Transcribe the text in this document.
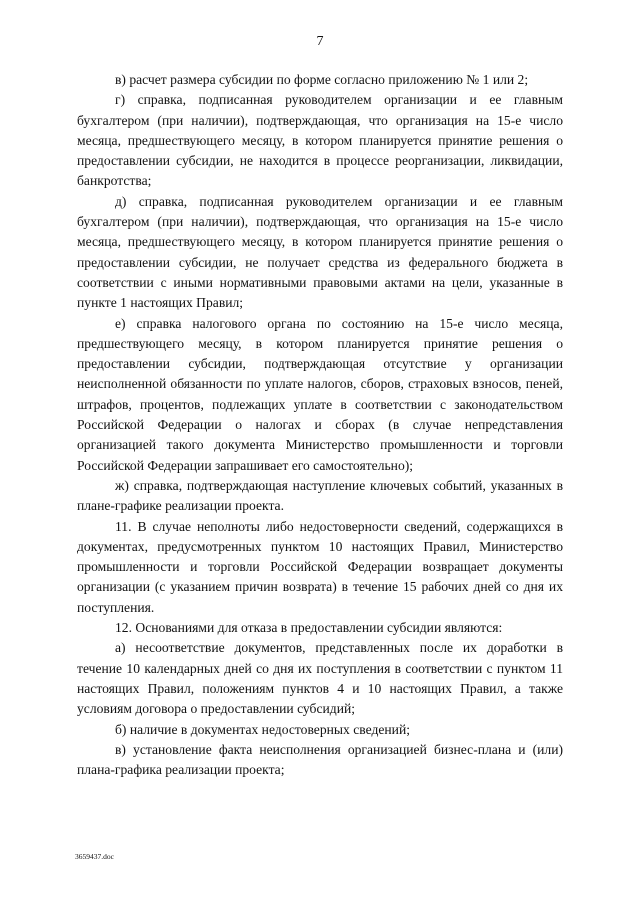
7

в) расчет размера субсидии по форме согласно приложению № 1 или 2;

г) справка, подписанная руководителем организации и ее главным бухгалтером (при наличии), подтверждающая, что организация на 15-е число месяца, предшествующего месяцу, в котором планируется принятие решения о предоставлении субсидии, не находится в процессе реорганизации, ликвидации, банкротства;

д) справка, подписанная руководителем организации и ее главным бухгалтером (при наличии), подтверждающая, что организация на 15-е число месяца, предшествующего месяцу, в котором планируется принятие решения о предоставлении субсидии, не получает средства из федерального бюджета в соответствии с иными нормативными правовыми актами на цели, указанные в пункте 1 настоящих Правил;

е) справка налогового органа по состоянию на 15-е число месяца, предшествующего месяцу, в котором планируется принятие решения о предоставлении субсидии, подтверждающая отсутствие у организации неисполненной обязанности по уплате налогов, сборов, страховых взносов, пеней, штрафов, процентов, подлежащих уплате в соответствии с законодательством Российской Федерации о налогах и сборах (в случае непредставления организацией такого документа Министерство промышленности и торговли Российской Федерации запрашивает его самостоятельно);

ж) справка, подтверждающая наступление ключевых событий, указанных в плане-графике реализации проекта.

11. В случае неполноты либо недостоверности сведений, содержащихся в документах, предусмотренных пунктом 10 настоящих Правил, Министерство промышленности и торговли Российской Федерации возвращает документы организации (с указанием причин возврата) в течение 15 рабочих дней со дня их поступления.

12. Основаниями для отказа в предоставлении субсидии являются:

а) несоответствие документов, представленных после их доработки в течение 10 календарных дней со дня их поступления в соответствии с пунктом 11 настоящих Правил, положениям пунктов 4 и 10 настоящих Правил, а также условиям договора о предоставлении субсидий;

б) наличие в документах недостоверных сведений;

в) установление факта неисполнения организацией бизнес-плана и (или) плана-графика реализации проекта;

3659437.doc
